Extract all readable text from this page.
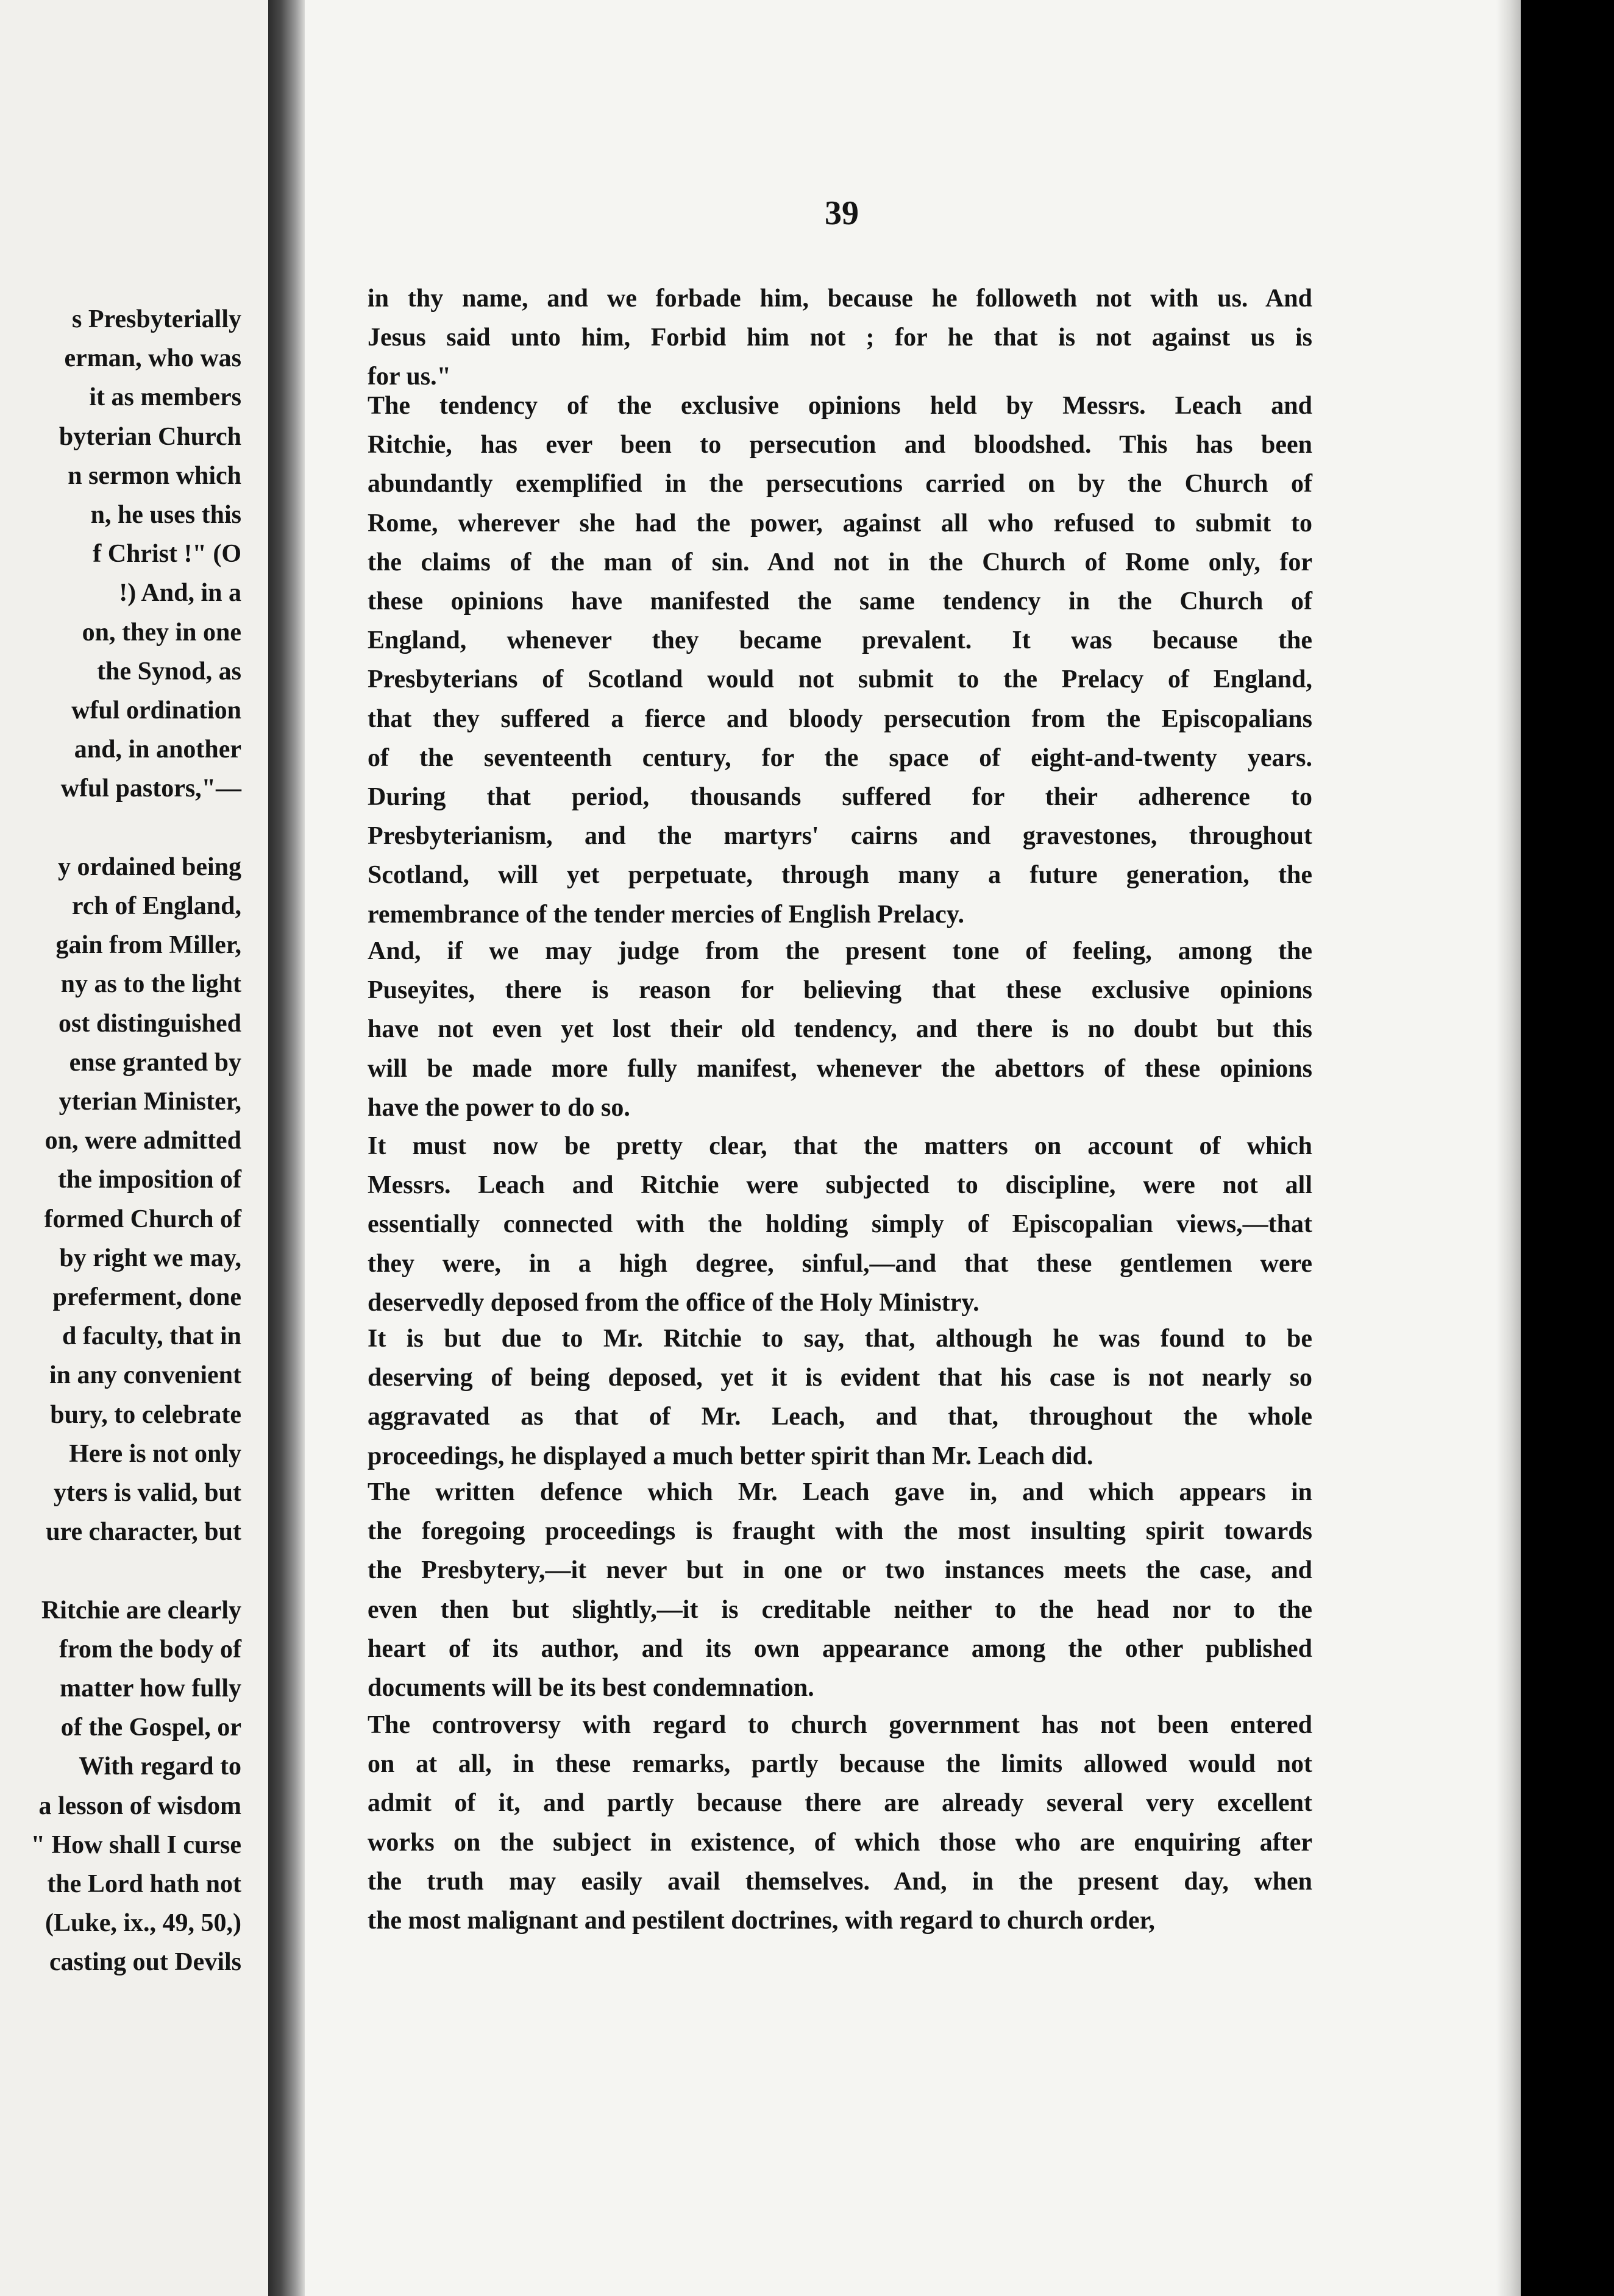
s Presbyterially
erman, who was
it as members
byterian Church
n sermon which
n, he uses this
f Christ !" (O
!) And, in a
on, they in one
the Synod, as
wful ordination
and, in another
wful pastors,"—
y ordained being
rch of England,
gain from Miller,
ny as to the light
ost distinguished
ense granted by
yterian Minister,
on, were admitted
the imposition of
formed Church of
by right we may,
preferment, done
d faculty, that in
in any convenient
bury, to celebrate
Here is not only
yters is valid, but
ure character, but
Ritchie are clearly
from the body of
matter how fully
of the Gospel, or
With regard to
a lesson of wisdom
" How shall I curse
the Lord hath not
(Luke, ix., 49, 50,)
casting out Devils
39
in thy name, and we forbade him, because he followeth not with us. And
Jesus said unto him, Forbid him not ; for he that is not against us is
for us."
The tendency of the exclusive opinions held by Messrs. Leach and
Ritchie, has ever been to persecution and bloodshed. This has been
abundantly exemplified in the persecutions carried on by the Church of
Rome, wherever she had the power, against all who refused to submit to
the claims of the man of sin. And not in the Church of Rome only, for
these opinions have manifested the same tendency in the Church of
England, whenever they became prevalent. It was because the
Presbyterians of Scotland would not submit to the Prelacy of England,
that they suffered a fierce and bloody persecution from the Episcopalians
of the seventeenth century, for the space of eight-and-twenty years.
During that period, thousands suffered for their adherence to
Presbyterianism, and the martyrs' cairns and gravestones, throughout
Scotland, will yet perpetuate, through many a future generation, the
remembrance of the tender mercies of English Prelacy.
And, if we may judge from the present tone of feeling, among the
Puseyites, there is reason for believing that these exclusive opinions
have not even yet lost their old tendency, and there is no doubt but this
will be made more fully manifest, whenever the abettors of these opinions
have the power to do so.
It must now be pretty clear, that the matters on account of which
Messrs. Leach and Ritchie were subjected to discipline, were not all
essentially connected with the holding simply of Episcopalian views,—that
they were, in a high degree, sinful,—and that these gentlemen were
deservedly deposed from the office of the Holy Ministry.
It is but due to Mr. Ritchie to say, that, although he was found to be
deserving of being deposed, yet it is evident that his case is not nearly so
aggravated as that of Mr. Leach, and that, throughout the whole
proceedings, he displayed a much better spirit than Mr. Leach did.
The written defence which Mr. Leach gave in, and which appears in
the foregoing proceedings is fraught with the most insulting spirit towards
the Presbytery,—it never but in one or two instances meets the case, and
even then but slightly,—it is creditable neither to the head nor to the
heart of its author, and its own appearance among the other published
documents will be its best condemnation.
The controversy with regard to church government has not been entered
on at all, in these remarks, partly because the limits allowed would not
admit of it, and partly because there are already several very excellent
works on the subject in existence, of which those who are enquiring after
the truth may easily avail themselves. And, in the present day, when
the most malignant and pestilent doctrines, with regard to church order,
